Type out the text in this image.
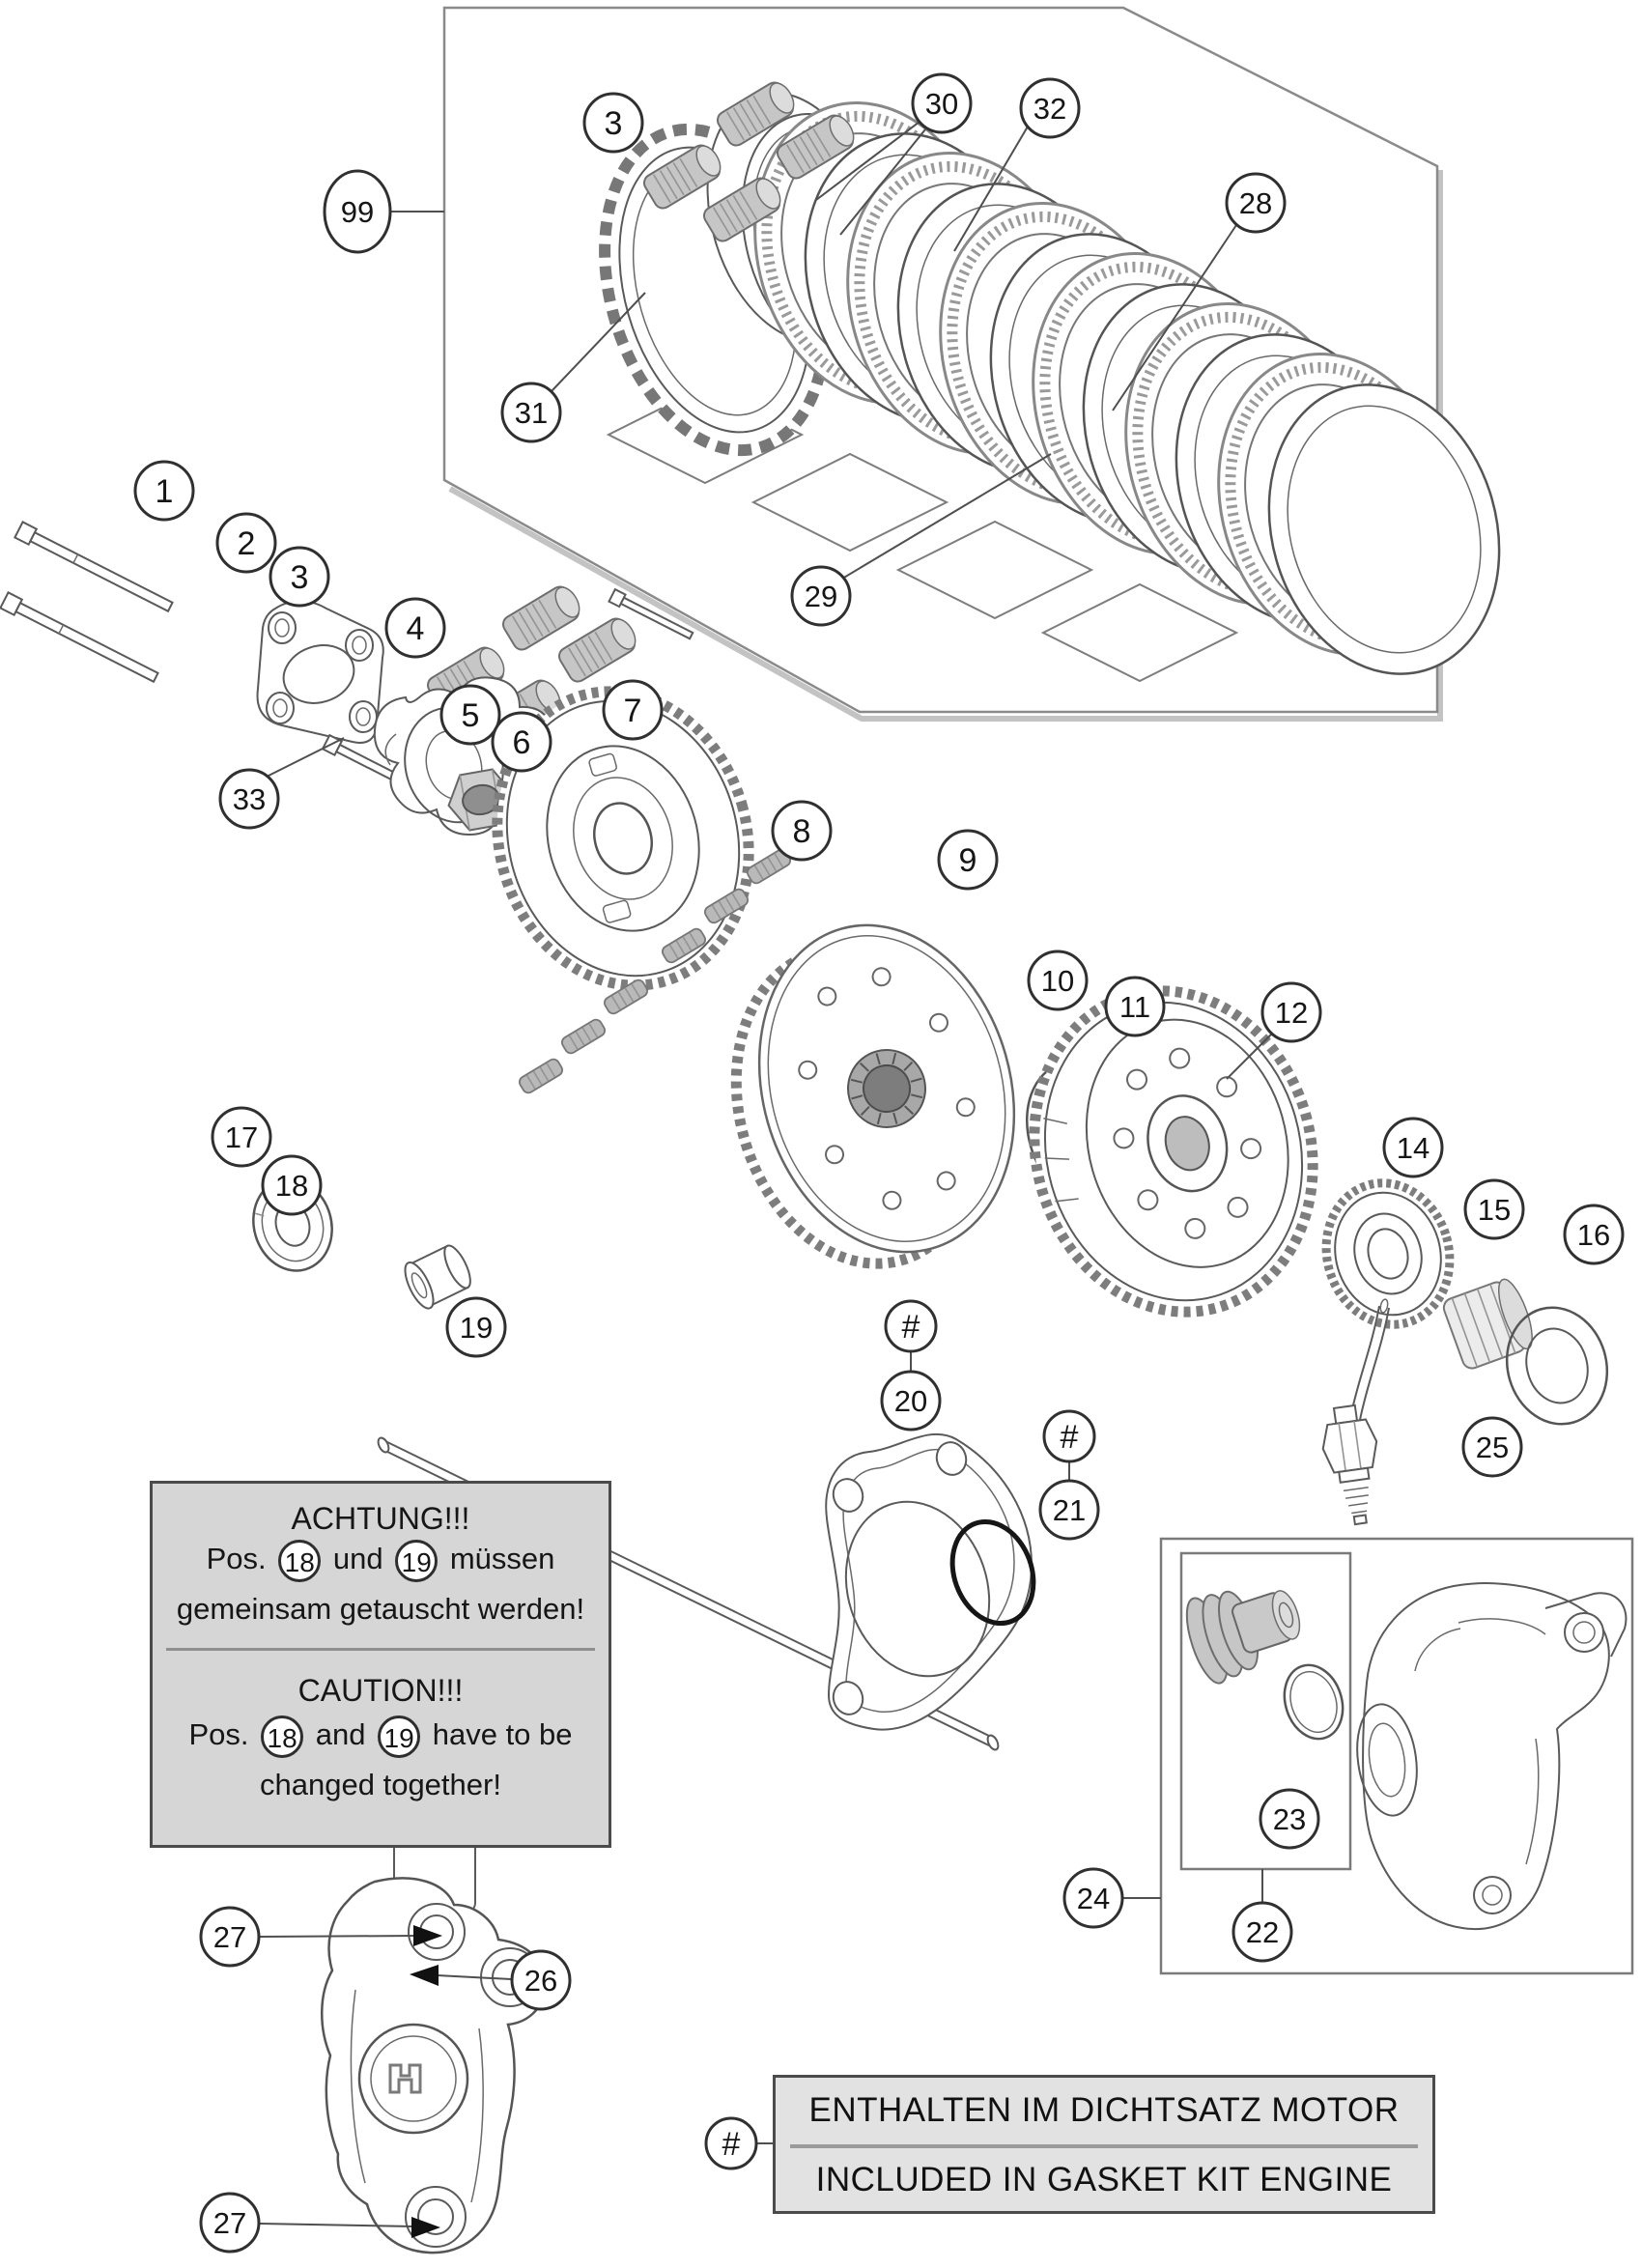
1
2
3
4
5
6
7
8
9
10
11	12
14
15
16
17
18
19	#
20
#
21
22
23
24
25
26
27
27
28
29
30
31
32
33
3
99
#
ACHTUNG!!!
Pos. 18 und 19 müssen
gemeinsam getauscht werden!
CAUTION!!!
Pos. 18 and 19 have to be
changed together!
ENTHALTEN IM DICHTSATZ MOTOR
INCLUDED IN GASKET KIT ENGINE
